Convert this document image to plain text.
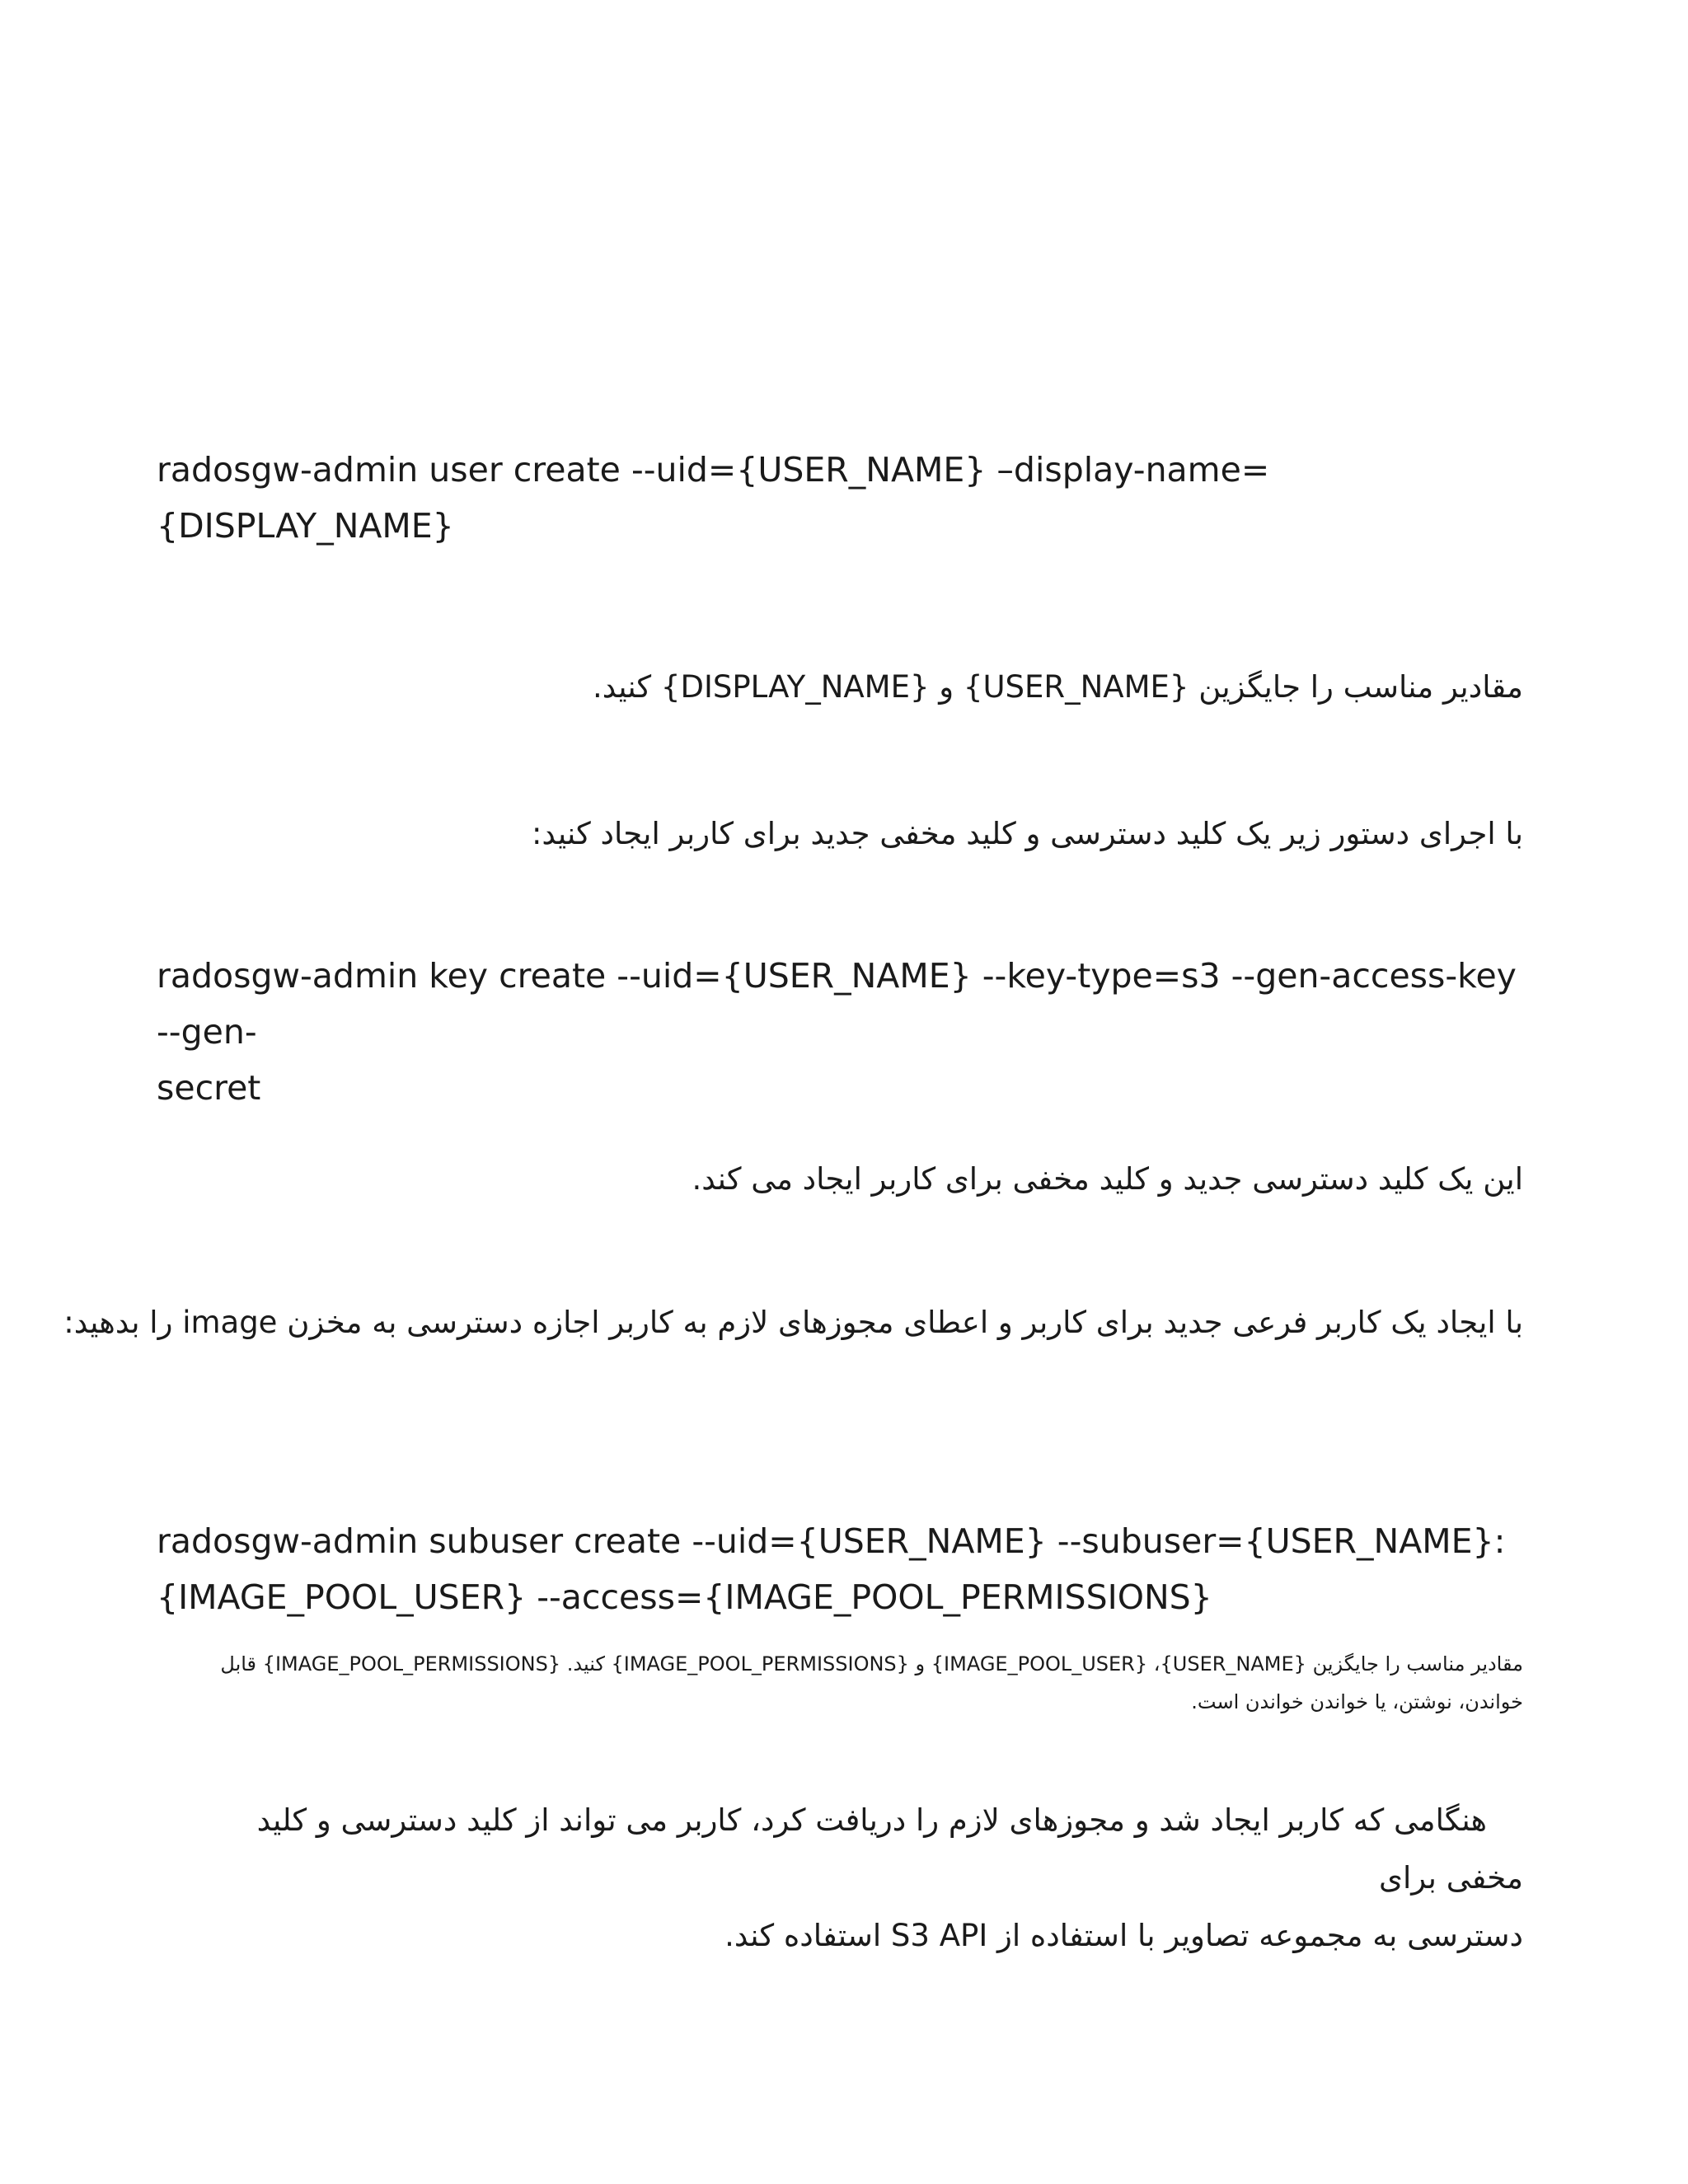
radosgw-admin user create --uid={USER_NAME} –display-name={DISPLAY_NAME}

مقادیر مناسب را جایگزین {USER_NAME} و {DISPLAY_NAME} کنید.

با اجرای دستور زیر یک کلید دسترسی و کلید مخفی جدید برای کاربر ایجاد کنید:

radosgw-admin key create --uid={USER_NAME} --key-type=s3 --gen-access-key --gen-
secret

این یک کلید دسترسی جدید و کلید مخفی برای کاربر ایجاد می کند.

با ایجاد یک کاربر فرعی جدید برای کاربر و اعطای مجوزهای لازم به کاربر اجازه دسترسی به مخزن image را بدهید:

radosgw-admin subuser create --uid={USER_NAME} --subuser={USER_NAME}:
{IMAGE_POOL_USER} --access={IMAGE_POOL_PERMISSIONS}
مقادیر مناسب را جایگزین {USER_NAME}، {IMAGE_POOL_USER} و {IMAGE_POOL_PERMISSIONS} کنید. {IMAGE_POOL_PERMISSIONS} قابل
خواندن، نوشتن، یا خواندن خواندن است.
هنگامی که کاربر ایجاد شد و مجوزهای لازم را دریافت کرد، کاربر می تواند از کلید دسترسی و کلید مخفی برای
دسترسی به مجموعه تصاویر با استفاده از S3 API استفاده کند.
